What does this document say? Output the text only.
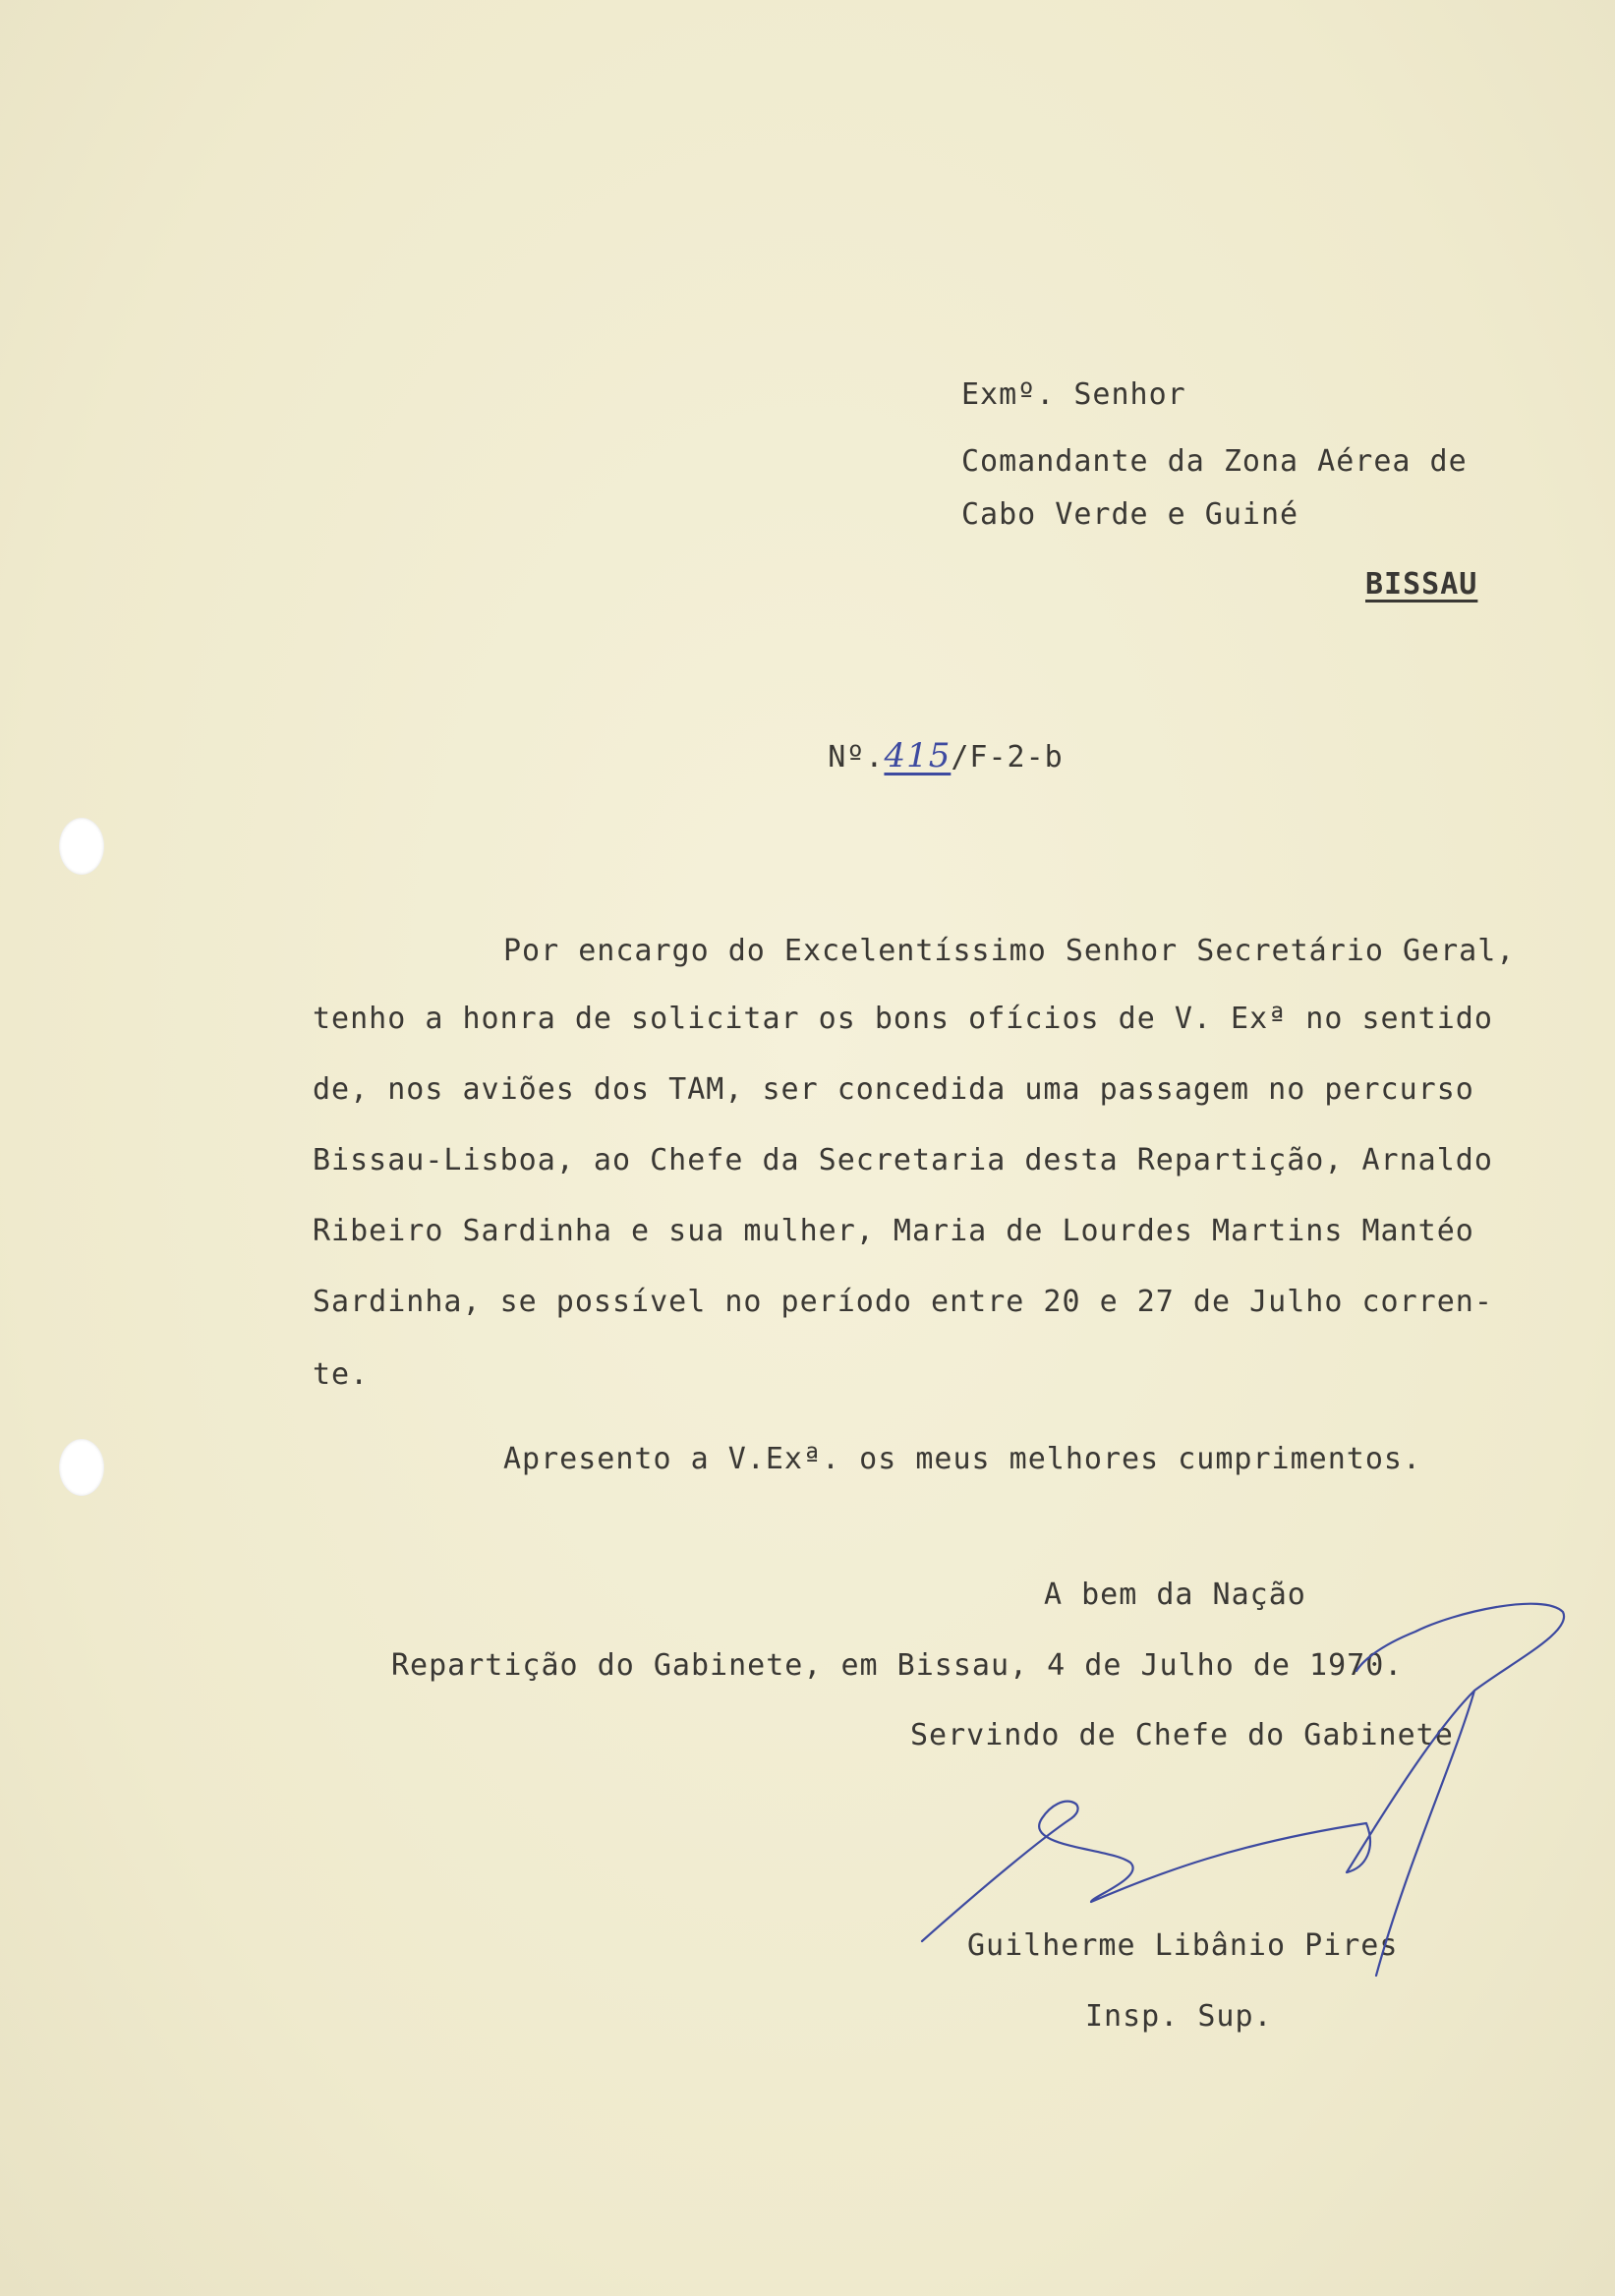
Exmº. Senhor

Comandante da Zona Aérea de

Cabo Verde e Guiné

BISSAU

Nº.415/F-2-b

Por encargo do Excelentíssimo Senhor Secretário Geral,

tenho a honra de solicitar os bons ofícios de V. Exª no sentido

de, nos aviões dos TAM, ser concedida uma passagem no percurso

Bissau-Lisboa, ao Chefe da Secretaria desta Repartição, Arnaldo

Ribeiro Sardinha e sua mulher, Maria de Lourdes Martins Mantéo

Sardinha, se possível no período entre 20 e 27 de Julho corren-

te.

Apresento a V.Exª. os meus melhores cumprimentos.

A bem da Nação

Repartição do Gabinete, em Bissau, 4 de Julho de 1970.

Servindo de Chefe do Gabinete

Guilherme Libânio Pires

Insp. Sup.
